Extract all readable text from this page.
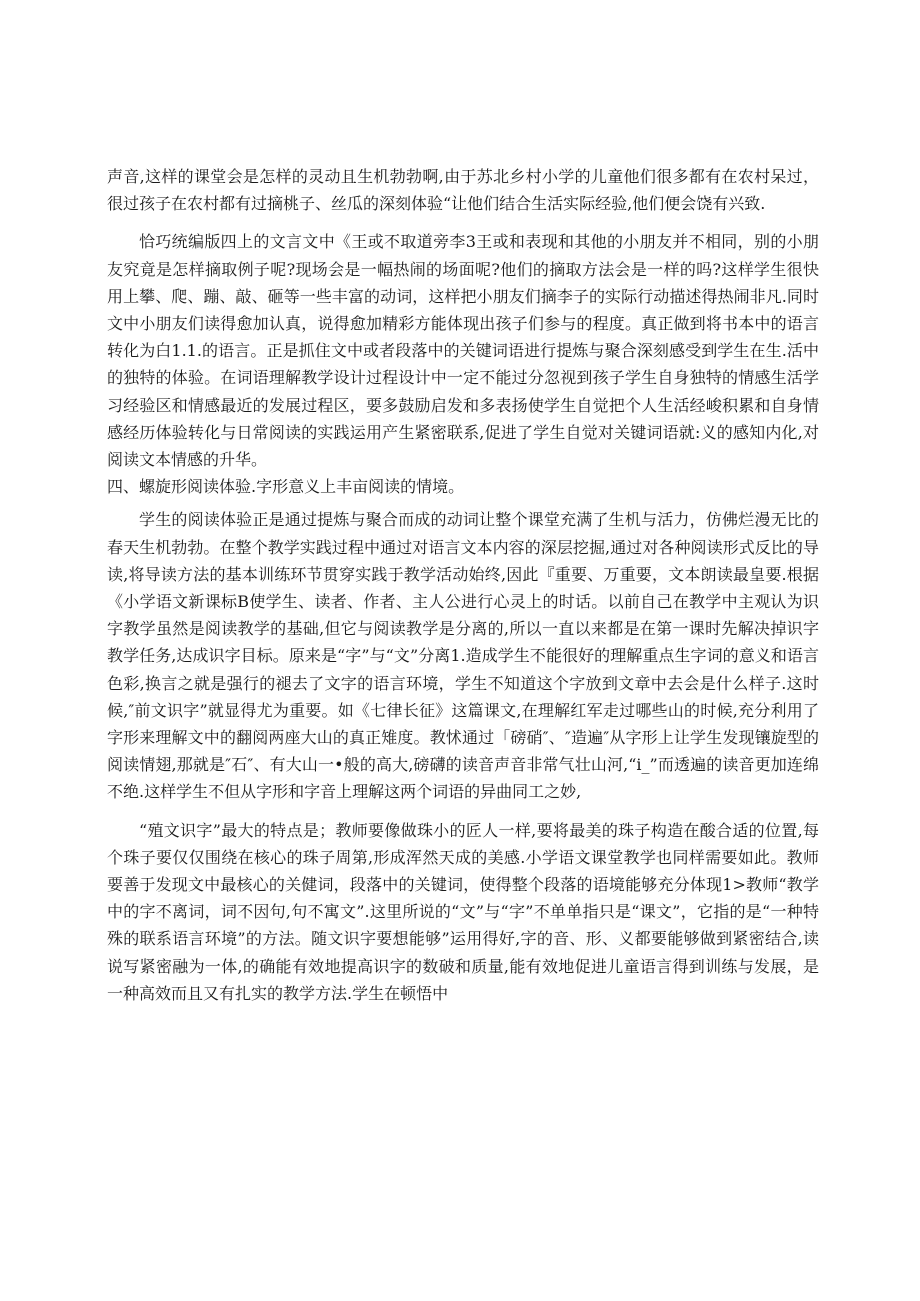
声音,这样的课堂会是怎样的灵动且生机勃勃啊,由于苏北乡村小学的儿童他们很多都有在农村呆过，很过孩子在农村都有过摘桃子、丝瓜的深刻体验“让他们结合生活实际经验,他们便会饶有兴致.

恰巧统编版四上的文言文中《王或不取道旁李3王或和表现和其他的小朋友并不相同，别的小朋友究竟是怎样摘取例子呢?现场会是一幅热闹的场面呢?他们的摘取方法会是一样的吗?这样学生很快用上攀、爬、蹦、敲、砸等一些丰富的动词，这样把小朋友们摘李子的实际行动描述得热闹非凡.同时文中小朋友们读得愈加认真，说得愈加精彩方能体现出孩子们参与的程度。真正做到将书本中的语言转化为白1.1.的语言。正是抓住文中或者段落中的关键词语进行提炼与聚合深刻感受到学生在生.活中的独特的体验。在词语理解教学设计过程设计中一定不能过分忽视到孩子学生自身独特的情感生活学习经验区和情感最近的发展过程区，要多鼓励启发和多表扬使学生自觉把个人生活经峻积累和自身情感经历体验转化与日常阅读的实践运用产生紧密联系,促进了学生自觉对关键词语就:义的感知内化,对阅读文本情感的升华。

四、螺旋形阅读体验.字形意义上丰亩阅读的情境。

学生的阅读体验正是通过提炼与聚合而成的动词让整个课堂充满了生机与活力，仿佛烂漫无比的春天生机勃勃。在整个教学实践过程中通过对语言文本内容的深层挖掘,通过对各种阅读形式反比的导读,将导读方法的基本训练环节贯穿实践于教学活动始终,因此『重要、万重要，文本朗读最皇要.根据《小学语文新课标B使学生、读者、作者、主人公进行心灵上的时话。以前自己在教学中主观认为识字教学虽然是阅读教学的基础,但它与阅读教学是分离的,所以一直以来都是在第一课时先解决掉识字教学任务,达成识字目标。原来是“字”与“文”分离1.造成学生不能很好的理解重点生字词的意义和语言色彩,换言之就是强行的褪去了文字的语言环境，学生不知道这个字放到文章中去会是什么样子.这时候,″前文识字”就显得尤为重要。如《七律长征》这篇课文,在理解红军走过哪些山的时候,充分利用了字形来理解文中的翻阅两座大山的真正雉度。教怵通过「磅硝″、″造遍″从字形上让学生发现镶旋型的阅读情翅,那就是″石″、有大山一•般的高大,磅礴的读音声音非常气壮山河,“i_”而透遍的读音更加连绵不绝.这样学生不但从字形和字音上理解这两个词语的异曲同工之妙,

“殖文识字”最大的特点是；教师要像做珠小的匠人一样,要将最美的珠子构造在酸合适的位置,每个珠子要仅仅围绕在核心的珠子周第,形成浑然天成的美感.小学语文课堂教学也同样需要如此。教师要善于发现文中最核心的关健词，段落中的关键词，使得整个段落的语境能够充分体现1>教师“教学中的字不离词，词不因句,句不寓文”.这里所说的“文”与“字”不单单指只是“课文”，它指的是“一种特殊的联系语言环境”的方法。随文识字要想能够”运用得好,字的音、形、义都要能够做到紧密结合,读说写紧密融为一体,的确能有效地提高识字的数破和质量,能有效地促进儿童语言得到训练与发展，是一种高效而且又有扎实的教学方法.学生在顿悟中
